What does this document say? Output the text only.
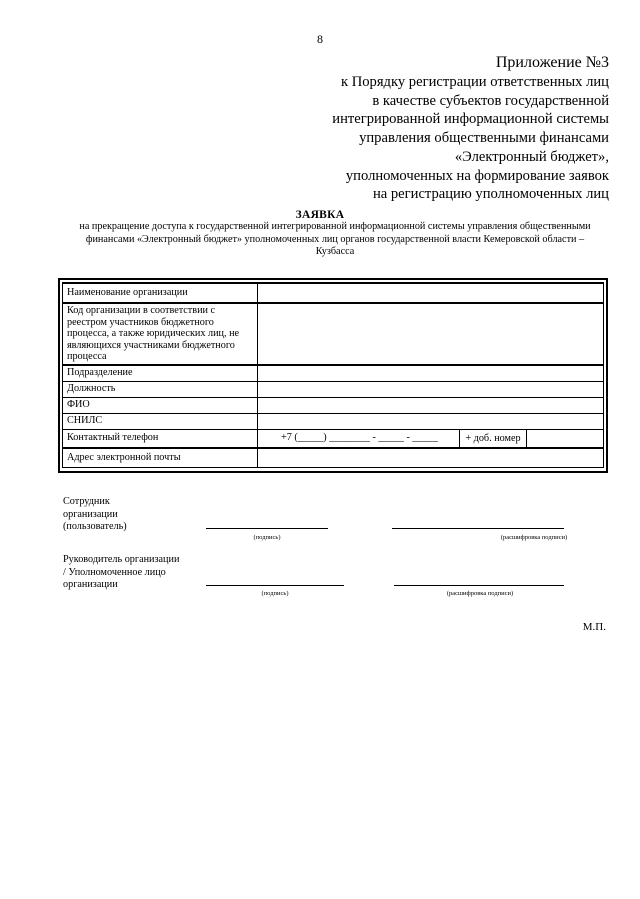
8
Приложение №3
к Порядку регистрации ответственных лиц
в качестве субъектов государственной
интегрированной информационной системы
управления общественными финансами
«Электронный бюджет»,
уполномоченных на формирование заявок
на регистрацию уполномоченных лиц
ЗАЯВКА
на прекращение доступа к государственной интегрированной информационной системы управления общественными
финансами «Электронный бюджет» уполномоченных лиц органов государственной власти Кемеровской области –
Кузбасса
Наименование организации	

Код организации в соответствии с
реестром участников бюджетного
процесса, а также юридических лиц, не
являющихся участниками бюджетного
процесса	

Подразделение	
Должность	
ФИО	
СНИЛС	
Контактный телефон	+7 (_____) ________ - _____ - _____ + доб. номер

Адрес электронной почты	
Сотрудник
организации
(пользователь)
(подпись)	(расшифровка подписи)
Руководитель организации
/ Уполномоченное лицо
организации
(подпись)	(расшифровка подписи)
М.П.
